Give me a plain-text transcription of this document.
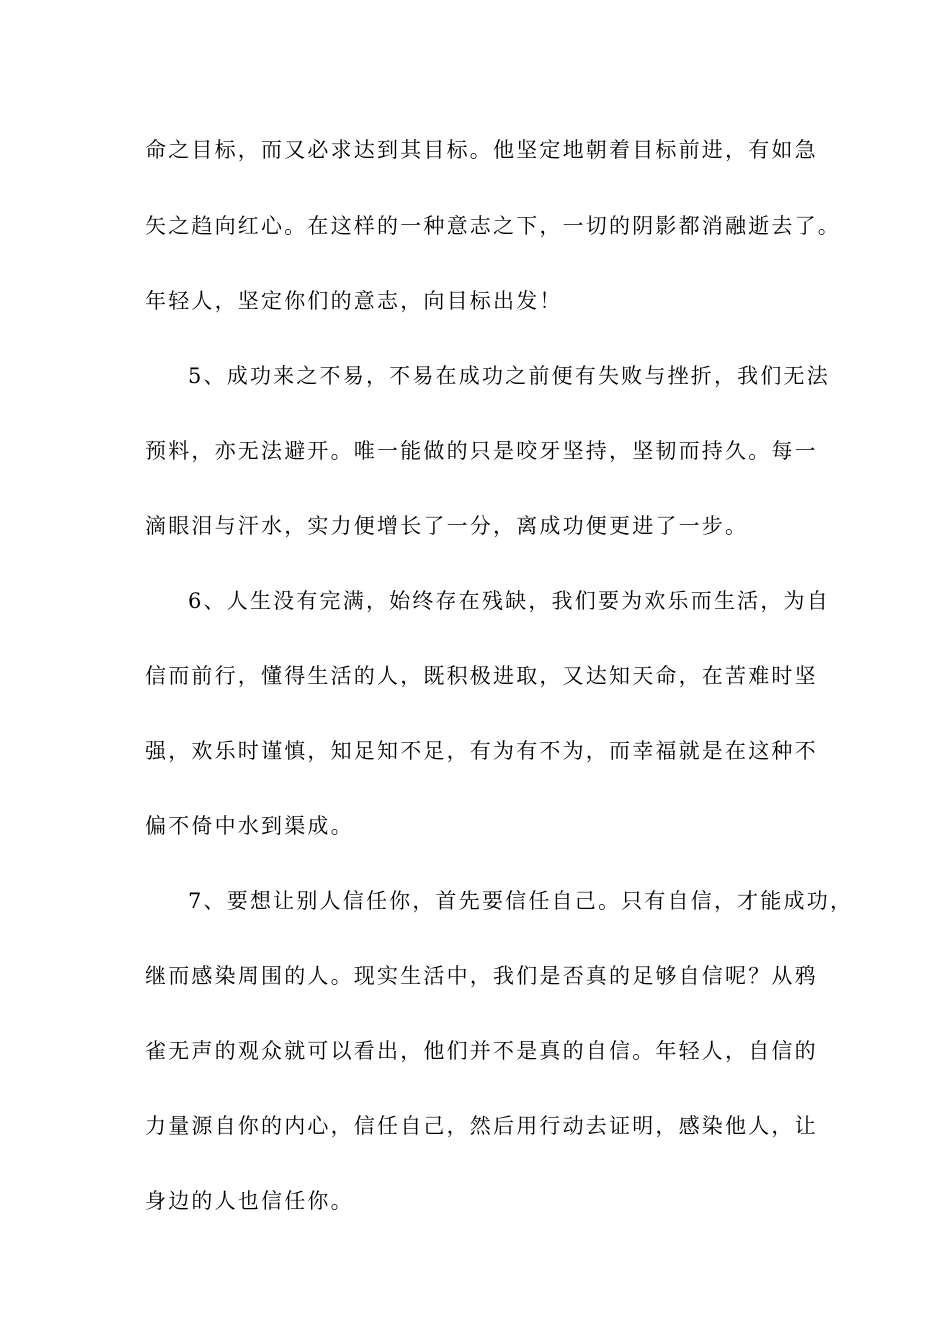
命之目标，而又必求达到其目标。他坚定地朝着目标前进，有如急
矢之趋向红心。在这样的一种意志之下，一切的阴影都消融逝去了。
年轻人，坚定你们的意志，向目标出发！
5、成功来之不易，不易在成功之前便有失败与挫折，我们无法
预料，亦无法避开。唯一能做的只是咬牙坚持，坚韧而持久。每一
滴眼泪与汗水，实力便增长了一分，离成功便更进了一步。
6、人生没有完满，始终存在残缺，我们要为欢乐而生活，为自
信而前行，懂得生活的人，既积极进取，又达知天命，在苦难时坚
强，欢乐时谨慎，知足知不足，有为有不为，而幸福就是在这种不
偏不倚中水到渠成。
7、要想让别人信任你，首先要信任自己。只有自信，才能成功，
继而感染周围的人。现实生活中，我们是否真的足够自信呢？从鸦
雀无声的观众就可以看出，他们并不是真的自信。年轻人，自信的
力量源自你的内心，信任自己，然后用行动去证明，感染他人，让
身边的人也信任你。
